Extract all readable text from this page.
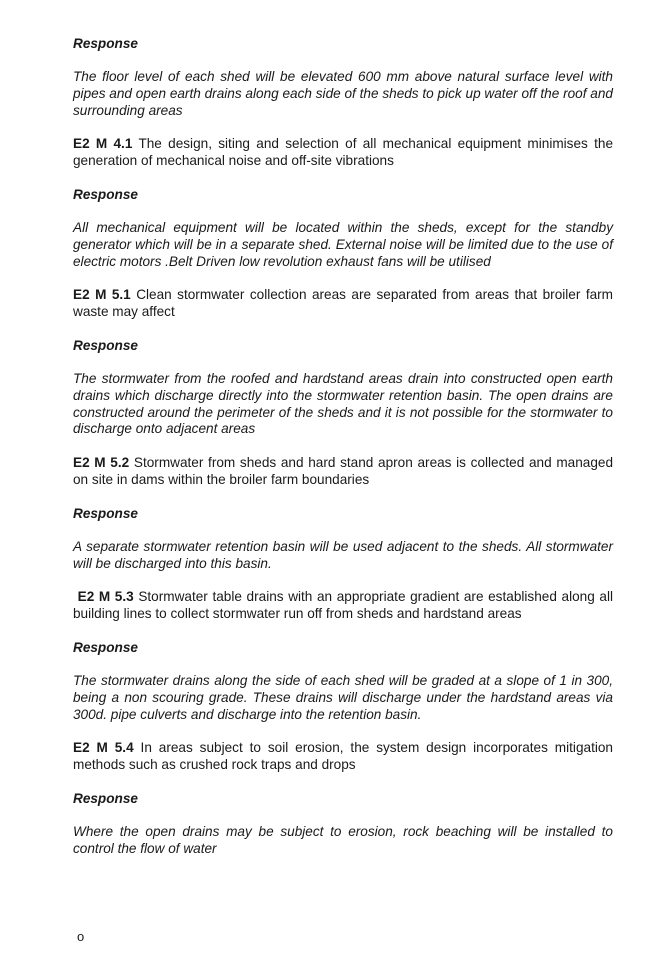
Response

The floor level of each shed will be elevated 600 mm above natural surface level with pipes and open earth drains along each side of the sheds to pick up water off the roof and surrounding areas

E2 M 4.1 The design, siting and selection of all mechanical equipment minimises the generation of mechanical noise and off-site vibrations

Response

All mechanical equipment will be located within the sheds, except for the standby generator which will be in a separate shed. External noise will be limited due to the use of electric motors .Belt Driven low revolution exhaust fans will be utilised

E2 M 5.1 Clean stormwater collection areas are separated from areas that broiler farm waste may affect

Response

The stormwater from the roofed and hardstand areas drain into constructed open earth drains which discharge directly into the stormwater retention basin. The open drains are constructed around the perimeter of the sheds and it is not possible for the stormwater to discharge onto adjacent areas

E2 M 5.2 Stormwater from sheds and hard stand apron areas is collected and managed on site in dams within the broiler farm boundaries

Response

A separate stormwater retention basin will be used adjacent to the sheds. All stormwater will be discharged into this basin.

E2 M 5.3 Stormwater table drains with an appropriate gradient are established along all building lines to collect stormwater run off from sheds and hardstand areas

Response

The stormwater drains along the side of each shed will be graded at a slope of 1 in 300, being a non scouring grade. These drains will discharge under the hardstand areas via 300d. pipe culverts and discharge into the retention basin.

E2 M 5.4 In areas subject to soil erosion, the system design incorporates mitigation methods such as crushed rock traps and drops

Response

Where the open drains may be subject to erosion, rock beaching will be installed to control the flow of water

o
